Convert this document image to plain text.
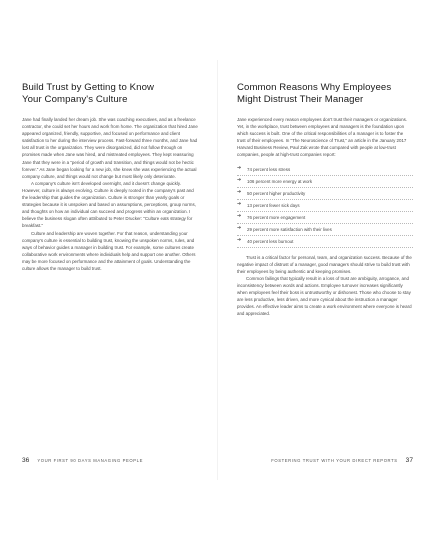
Build Trust by Getting to Know
Your Company's Culture

Jane had finally landed her dream job. She was coaching executives, and as a freelance contractor, she could set her hours and work from home. The organization that hired Jane appeared organized, friendly, supportive, and focused on performance and client satisfaction to her during the interview process. Fast-forward three months, and Jane had lost all trust in the organization. They were disorganized, did not follow through on promises made when Jane was hired, and mistreated employees. They kept reassuring Jane that they were in a "period of growth and transition, and things would not be hectic forever." As Jane began looking for a new job, she knew she was experiencing the actual company culture, and things would not change but most likely only deteriorate.

A company's culture isn't developed overnight, and it doesn't change quickly. However, culture is always evolving. Culture is deeply rooted in the company's past and the leadership that guides the organization. Culture is stronger than yearly goals or strategies because it is unspoken and based on assumptions, perceptions, group norms, and thoughts on how an individual can succeed and progress within an organization. I believe the business slogan often attributed to Peter Drucker: "Culture eats strategy for breakfast."

Culture and leadership are woven together. For that reason, understanding your company's culture is essential to building trust, knowing the unspoken norms, rules, and ways of behavior guides a manager in building trust. For example, some cultures create collaborative work environments where individuals help and support one another. Others may be more focused on performance and the attainment of goals. Understanding the culture allows the manager to build trust.

Common Reasons Why Employees
Might Distrust Their Manager

Jane experienced every reason employees don't trust their managers or organizations. Yet, in the workplace, trust between employees and managers is the foundation upon which success is built. One of the critical responsibilities of a manager is to foster the trust of their employees. In "The Neuroscience of Trust," an article in the January 2017 Harvard Business Review, Paul Zak wrote that compared with people at low-trust companies, people at high-trust companies report:

➔ 74 percent less stress
➔ 106 percent more energy at work
➔ 50 percent higher productivity
➔ 13 percent fewer sick days
➔ 76 percent more engagement
➔ 29 percent more satisfaction with their lives
➔ 40 percent less burnout

Trust is a critical factor for personal, team, and organization success. Because of the negative impact of distrust of a manager, good managers should strive to build trust with their employees by being authentic and keeping promises.

Common failings that typically result in a loss of trust are ambiguity, arrogance, and inconsistency between words and actions. Employee turnover increases significantly when employees feel their boss is untrustworthy or dishonest. Those who choose to stay are less productive, less driven, and more cynical about the instruction a manager provides. An effective leader aims to create a work environment where everyone is heard and appreciated.

36 YOUR FIRST 90 DAYS MANAGING PEOPLE	FOSTERING TRUST WITH YOUR DIRECT REPORTS 37
